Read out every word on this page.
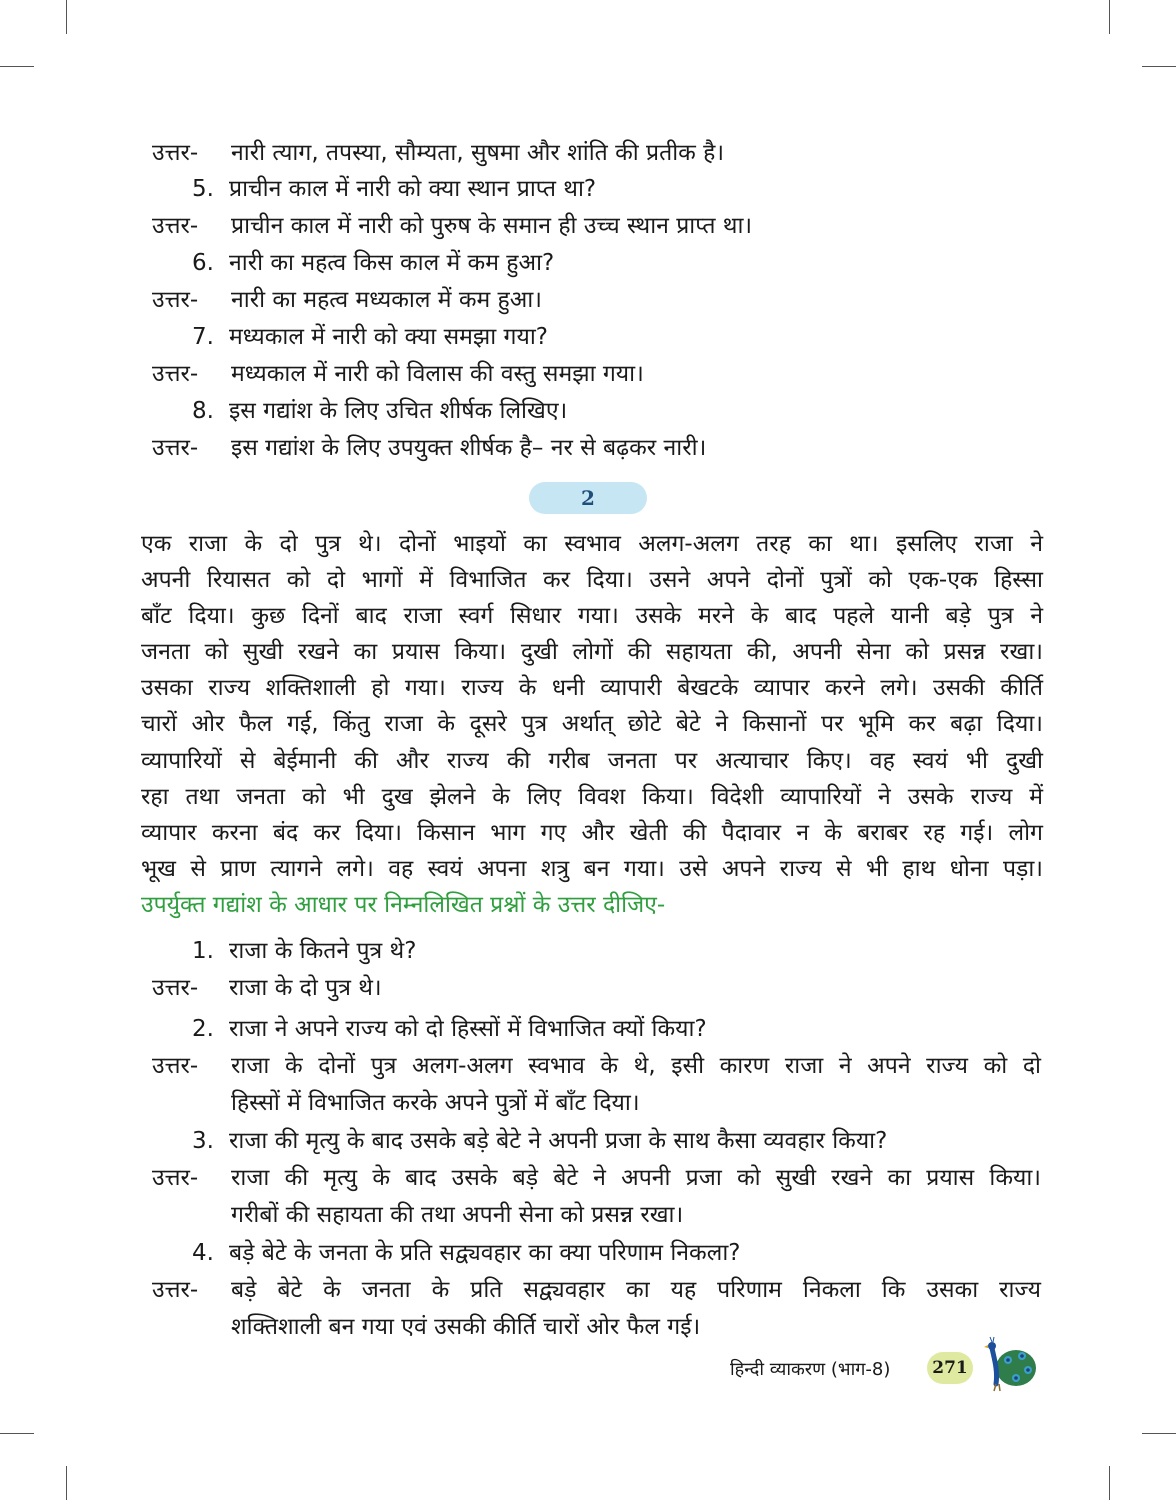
उत्तर- नारी त्याग, तपस्या, सौम्यता, सुषमा और शांति की प्रतीक है।
5. प्राचीन काल में नारी को क्या स्थान प्राप्त था?
उत्तर- प्राचीन काल में नारी को पुरुष के समान ही उच्च स्थान प्राप्त था।
6. नारी का महत्व किस काल में कम हुआ?
उत्तर- नारी का महत्व मध्यकाल में कम हुआ।
7. मध्यकाल में नारी को क्या समझा गया?
उत्तर- मध्यकाल में नारी को विलास की वस्तु समझा गया।
8. इस गद्यांश के लिए उचित शीर्षक लिखिए।
उत्तर- इस गद्यांश के लिए उपयुक्त शीर्षक है– नर से बढ़कर नारी।
2
एक राजा के दो पुत्र थे। दोनों भाइयों का स्वभाव अलग-अलग तरह का था। इसलिए राजा ने
अपनी रियासत को दो भागों में विभाजित कर दिया। उसने अपने दोनों पुत्रों को एक-एक हिस्सा
बाँट दिया। कुछ दिनों बाद राजा स्वर्ग सिधार गया। उसके मरने के बाद पहले यानी बड़े पुत्र ने
जनता को सुखी रखने का प्रयास किया। दुखी लोगों की सहायता की, अपनी सेना को प्रसन्न रखा।
उसका राज्य शक्तिशाली हो गया। राज्य के धनी व्यापारी बेखटके व्यापार करने लगे। उसकी कीर्ति
चारों ओर फैल गई, किंतु राजा के दूसरे पुत्र अर्थात् छोटे बेटे ने किसानों पर भूमि कर बढ़ा दिया।
व्यापारियों से बेईमानी की और राज्य की गरीब जनता पर अत्याचार किए। वह स्वयं भी दुखी
रहा तथा जनता को भी दुख झेलने के लिए विवश किया। विदेशी व्यापारियों ने उसके राज्य में
व्यापार करना बंद कर दिया। किसान भाग गए और खेती की पैदावार न के बराबर रह गई। लोग
भूख से प्राण त्यागने लगे। वह स्वयं अपना शत्रु बन गया। उसे अपने राज्य से भी हाथ धोना पड़ा।
उपर्युक्त गद्यांश के आधार पर निम्नलिखित प्रश्नों के उत्तर दीजिए-
1. राजा के कितने पुत्र थे?
उत्तर- राजा के दो पुत्र थे।
2. राजा ने अपने राज्य को दो हिस्सों में विभाजित क्यों किया?
उत्तर- राजा के दोनों पुत्र अलग-अलग स्वभाव के थे, इसी कारण राजा ने अपने राज्य को दो
हिस्सों में विभाजित करके अपने पुत्रों में बाँट दिया।
3. राजा की मृत्यु के बाद उसके बड़े बेटे ने अपनी प्रजा के साथ कैसा व्यवहार किया?
उत्तर- राजा की मृत्यु के बाद उसके बड़े बेटे ने अपनी प्रजा को सुखी रखने का प्रयास किया।
गरीबों की सहायता की तथा अपनी सेना को प्रसन्न रखा।
4. बड़े बेटे के जनता के प्रति सद्व्यवहार का क्या परिणाम निकला?
उत्तर- बड़े बेटे के जनता के प्रति सद्व्यवहार का यह परिणाम निकला कि उसका राज्य
शक्तिशाली बन गया एवं उसकी कीर्ति चारों ओर फैल गई।
हिन्दी व्याकरण (भाग-8)	271
